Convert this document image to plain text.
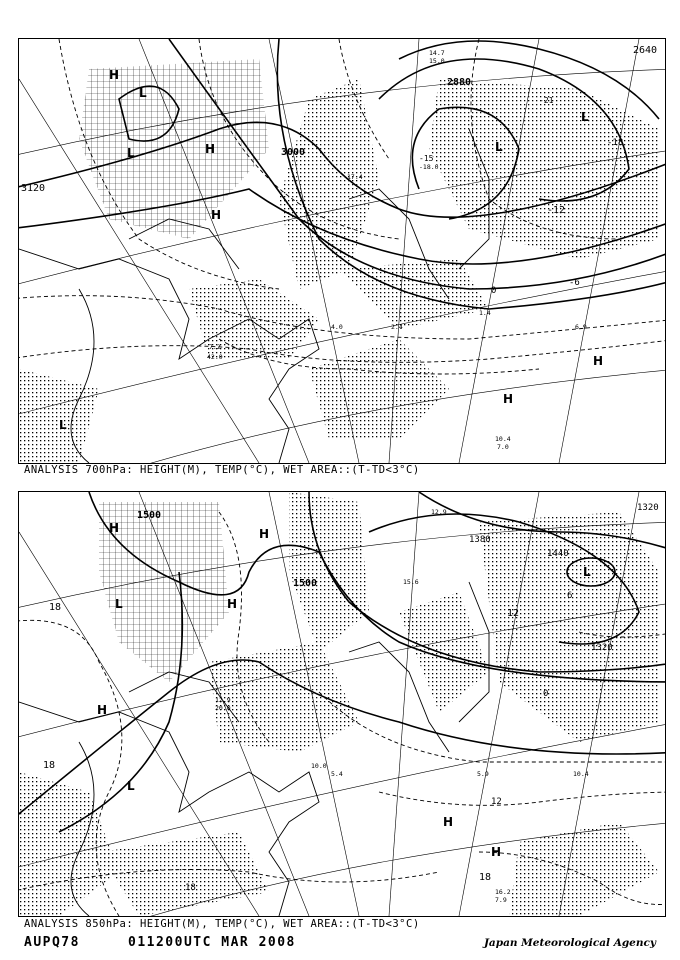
3120
3000
2880
2640
-18
-12
-6
0
-15
-21
L
L	L
L
L
H
H
H
H
H
14.7
15.0
7.2
42.0
10.4
7.0
1.4
2.4	6.9
4.0
-18.0
17.4
ANALYSIS 700hPa: HEIGHT(M), TEMP(°C), WET AREA::(T-TD<3°C)
1500
1500
1380
1440
1320
1320
18
18
12
12
18
6
0
18
H	H
H
H
H
H
L
L
L
12.9
15.6
10.4
5.9
16.2
7.9
12.9
20.0
10.0
5.4
ANALYSIS 850hPa: HEIGHT(M), TEMP(°C), WET AREA::(T-TD<3°C)
AUPQ78	011200UTC MAR 2008	Japan Meteorological Agency
